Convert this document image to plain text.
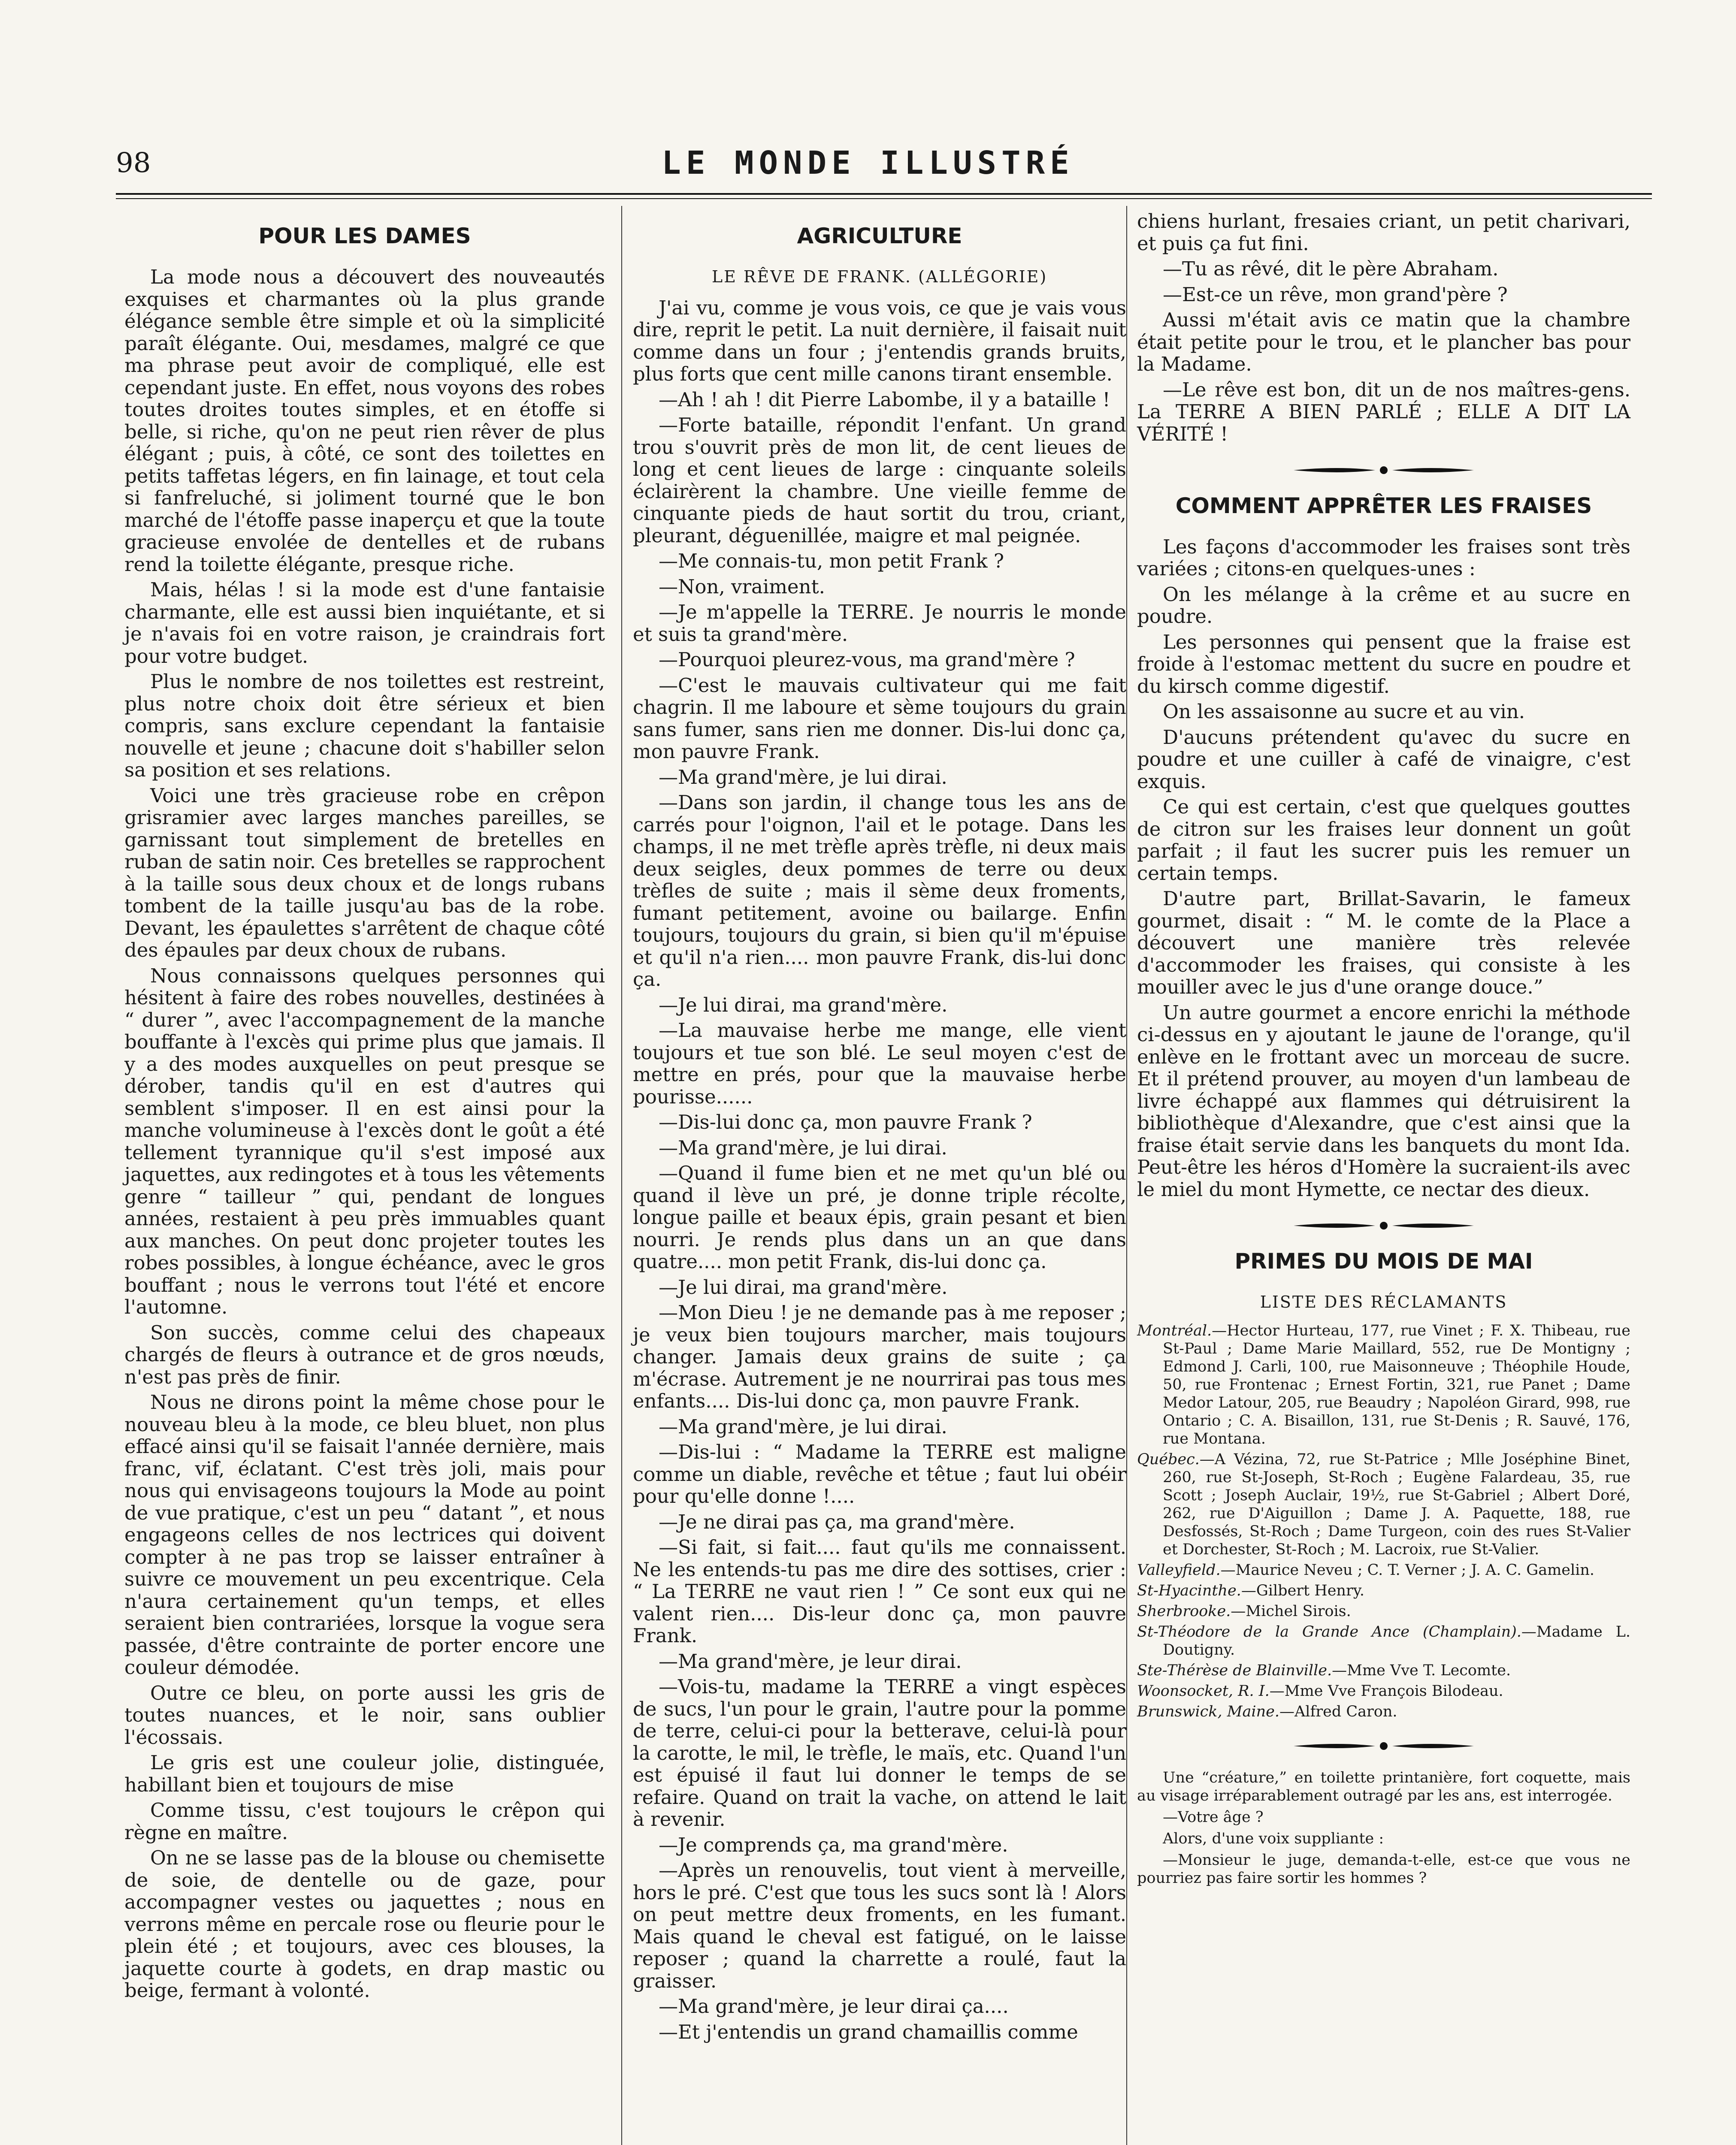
98	LE MONDE ILLUSTRÉ
POUR LES DAMES

La mode nous a découvert des nouveautés exquises et charmantes où la plus grande élégance semble être simple et où la simplicité paraît élégante. Oui, mesdames, malgré ce que ma phrase peut avoir de compliqué, elle est cependant juste. En effet, nous voyons des robes toutes droites toutes simples, et en étoffe si belle, si riche, qu'on ne peut rien rêver de plus élégant ; puis, à côté, ce sont des toilettes en petits taffetas légers, en fin lainage, et tout cela si fanfreluché, si joliment tourné que le bon marché de l'étoffe passe inaperçu et que la toute gracieuse envolée de dentelles et de rubans rend la toilette élégante, presque riche.

Mais, hélas ! si la mode est d'une fantaisie charmante, elle est aussi bien inquiétante, et si je n'avais foi en votre raison, je craindrais fort pour votre budget.

Plus le nombre de nos toilettes est restreint, plus notre choix doit être sérieux et bien compris, sans exclure cependant la fantaisie nouvelle et jeune ; chacune doit s'habiller selon sa position et ses relations.

Voici une très gracieuse robe en crêpon grisramier avec larges manches pareilles, se garnissant tout simplement de bretelles en ruban de satin noir. Ces bretelles se rapprochent à la taille sous deux choux et de longs rubans tombent de la taille jusqu'au bas de la robe. Devant, les épaulettes s'arrêtent de chaque côté des épaules par deux choux de rubans.

Nous connaissons quelques personnes qui hésitent à faire des robes nouvelles, destinées à “ durer ”, avec l'accompagnement de la manche bouffante à l'excès qui prime plus que jamais. Il y a des modes auxquelles on peut presque se dérober, tandis qu'il en est d'autres qui semblent s'imposer. Il en est ainsi pour la manche volumineuse à l'excès dont le goût a été tellement tyrannique qu'il s'est imposé aux jaquettes, aux redingotes et à tous les vêtements genre “ tailleur ” qui, pendant de longues années, restaient à peu près immuables quant aux manches. On peut donc projeter toutes les robes possibles, à longue échéance, avec le gros bouffant ; nous le verrons tout l'été et encore l'automne.

Son succès, comme celui des chapeaux chargés de fleurs à outrance et de gros nœuds, n'est pas près de finir.

Nous ne dirons point la même chose pour le nouveau bleu à la mode, ce bleu bluet, non plus effacé ainsi qu'il se faisait l'année dernière, mais franc, vif, éclatant. C'est très joli, mais pour nous qui envisageons toujours la Mode au point de vue pratique, c'est un peu “ datant ”, et nous engageons celles de nos lectrices qui doivent compter à ne pas trop se laisser entraîner à suivre ce mouvement un peu excentrique. Cela n'aura certainement qu'un temps, et elles seraient bien contrariées, lorsque la vogue sera passée, d'être contrainte de porter encore une couleur démodée.

Outre ce bleu, on porte aussi les gris de toutes nuances, et le noir, sans oublier l'écossais.

Le gris est une couleur jolie, distinguée, habillant bien et toujours de mise

Comme tissu, c'est toujours le crêpon qui règne en maître.

On ne se lasse pas de la blouse ou chemisette de soie, de dentelle ou de gaze, pour accompagner vestes ou jaquettes ; nous en verrons même en percale rose ou fleurie pour le plein été ; et toujours, avec ces blouses, la jaquette courte à godets, en drap mastic ou beige, fermant à volonté.

AGRICULTURE
LE RÊVE DE FRANK. (ALLÉGORIE)

J'ai vu, comme je vous vois, ce que je vais vous dire, reprit le petit. La nuit dernière, il faisait nuit comme dans un four ; j'entendis grands bruits, plus forts que cent mille canons tirant ensemble.

—Ah ! ah ! dit Pierre Labombe, il y a bataille !

—Forte bataille, répondit l'enfant. Un grand trou s'ouvrit près de mon lit, de cent lieues de long et cent lieues de large : cinquante soleils éclairèrent la chambre. Une vieille femme de cinquante pieds de haut sortit du trou, criant, pleurant, déguenillée, maigre et mal peignée.

—Me connais-tu, mon petit Frank ?

—Non, vraiment.

—Je m'appelle la TERRE. Je nourris le monde et suis ta grand'mère.

—Pourquoi pleurez-vous, ma grand'mère ?

—C'est le mauvais cultivateur qui me fait chagrin. Il me laboure et sème toujours du grain sans fumer, sans rien me donner. Dis-lui donc ça, mon pauvre Frank.

—Ma grand'mère, je lui dirai.

—Dans son jardin, il change tous les ans de carrés pour l'oignon, l'ail et le potage. Dans les champs, il ne met trèfle après trèfle, ni deux mais deux seigles, deux pommes de terre ou deux trèfles de suite ; mais il sème deux froments, fumant petitement, avoine ou bailarge. Enfin toujours, toujours du grain, si bien qu'il m'épuise et qu'il n'a rien.... mon pauvre Frank, dis-lui donc ça.

—Je lui dirai, ma grand'mère.

—La mauvaise herbe me mange, elle vient toujours et tue son blé. Le seul moyen c'est de mettre en prés, pour que la mauvaise herbe pourisse......

—Dis-lui donc ça, mon pauvre Frank ?

—Ma grand'mère, je lui dirai.

—Quand il fume bien et ne met qu'un blé ou quand il lève un pré, je donne triple récolte, longue paille et beaux épis, grain pesant et bien nourri. Je rends plus dans un an que dans quatre.... mon petit Frank, dis-lui donc ça.

—Je lui dirai, ma grand'mère.

—Mon Dieu ! je ne demande pas à me reposer ; je veux bien toujours marcher, mais toujours changer. Jamais deux grains de suite ; ça m'écrase. Autrement je ne nourrirai pas tous mes enfants.... Dis-lui donc ça, mon pauvre Frank.

—Ma grand'mère, je lui dirai.

—Dis-lui : “ Madame la TERRE est maligne comme un diable, revêche et têtue ; faut lui obéir pour qu'elle donne !....

—Je ne dirai pas ça, ma grand'mère.

—Si fait, si fait.... faut qu'ils me connaissent. Ne les entends-tu pas me dire des sottises, crier : “ La TERRE ne vaut rien ! ” Ce sont eux qui ne valent rien.... Dis-leur donc ça, mon pauvre Frank.

—Ma grand'mère, je leur dirai.

—Vois-tu, madame la TERRE a vingt espèces de sucs, l'un pour le grain, l'autre pour la pomme de terre, celui-ci pour la betterave, celui-là pour la carotte, le mil, le trèfle, le maïs, etc. Quand l'un est épuisé il faut lui donner le temps de se refaire. Quand on trait la vache, on attend le lait à revenir.

—Je comprends ça, ma grand'mère.

—Après un renouvelis, tout vient à merveille, hors le pré. C'est que tous les sucs sont là ! Alors on peut mettre deux froments, en les fumant. Mais quand le cheval est fatigué, on le laisse reposer ; quand la charrette a roulé, faut la graisser.

—Ma grand'mère, je leur dirai ça....

—Et j'entendis un grand chamaillis comme

chiens hurlant, fresaies criant, un petit charivari, et puis ça fut fini.

—Tu as rêvé, dit le père Abraham.

—Est-ce un rêve, mon grand'père ?

Aussi m'était avis ce matin que la chambre était petite pour le trou, et le plancher bas pour la Madame.

—Le rêve est bon, dit un de nos maîtres-gens. La TERRE A BIEN PARLÉ ; ELLE A DIT LA VÉRITÉ !

COMMENT APPRÊTER LES FRAISES

Les façons d'accommoder les fraises sont très variées ; citons-en quelques-unes :

On les mélange à la crême et au sucre en poudre.

Les personnes qui pensent que la fraise est froide à l'estomac mettent du sucre en poudre et du kirsch comme digestif.

On les assaisonne au sucre et au vin.

D'aucuns prétendent qu'avec du sucre en poudre et une cuiller à café de vinaigre, c'est exquis.

Ce qui est certain, c'est que quelques gouttes de citron sur les fraises leur donnent un goût parfait ; il faut les sucrer puis les remuer un certain temps.

D'autre part, Brillat-Savarin, le fameux gourmet, disait : “ M. le comte de la Place a découvert une manière très relevée d'accommoder les fraises, qui consiste à les mouiller avec le jus d'une orange douce.”

Un autre gourmet a encore enrichi la méthode ci-dessus en y ajoutant le jaune de l'orange, qu'il enlève en le frottant avec un morceau de sucre. Et il prétend prouver, au moyen d'un lambeau de livre échappé aux flammes qui détruisirent la bibliothèque d'Alexandre, que c'est ainsi que la fraise était servie dans les banquets du mont Ida. Peut-être les héros d'Homère la sucraient-ils avec le miel du mont Hymette, ce nectar des dieux.

PRIMES DU MOIS DE MAI
LISTE DES RÉCLAMANTS

Montréal.—Hector Hurteau, 177, rue Vinet ; F. X. Thibeau, rue St-Paul ; Dame Marie Maillard, 552, rue De Montigny ; Edmond J. Carli, 100, rue Maisonneuve ; Théophile Houde, 50, rue Frontenac ; Ernest Fortin, 321, rue Panet ; Dame Medor Latour, 205, rue Beaudry ; Napoléon Girard, 998, rue Ontario ; C. A. Bisaillon, 131, rue St-Denis ; R. Sauvé, 176, rue Montana.

Québec.—A Vézina, 72, rue St-Patrice ; Mlle Joséphine Binet, 260, rue St-Joseph, St-Roch ; Eugène Falardeau, 35, rue Scott ; Joseph Auclair, 19½, rue St-Gabriel ; Albert Doré, 262, rue D'Aiguillon ; Dame J. A. Paquette, 188, rue Desfossés, St-Roch ; Dame Turgeon, coin des rues St-Valier et Dorchester, St-Roch ; M. Lacroix, rue St-Valier.

Valleyfield.—Maurice Neveu ; C. T. Verner ; J. A. C. Gamelin.

St-Hyacinthe.—Gilbert Henry.

Sherbrooke.—Michel Sirois.

St-Théodore de la Grande Ance (Champlain).—Madame L. Doutigny.

Ste-Thérèse de Blainville.—Mme Vve T. Lecomte.

Woonsocket, R. I.—Mme Vve François Bilodeau.

Brunswick, Maine.—Alfred Caron.

Une “créature,” en toilette printanière, fort coquette, mais au visage irréparablement outragé par les ans, est interrogée.

—Votre âge ?

Alors, d'une voix suppliante :

—Monsieur le juge, demanda-t-elle, est-ce que vous ne pourriez pas faire sortir les hommes ?
